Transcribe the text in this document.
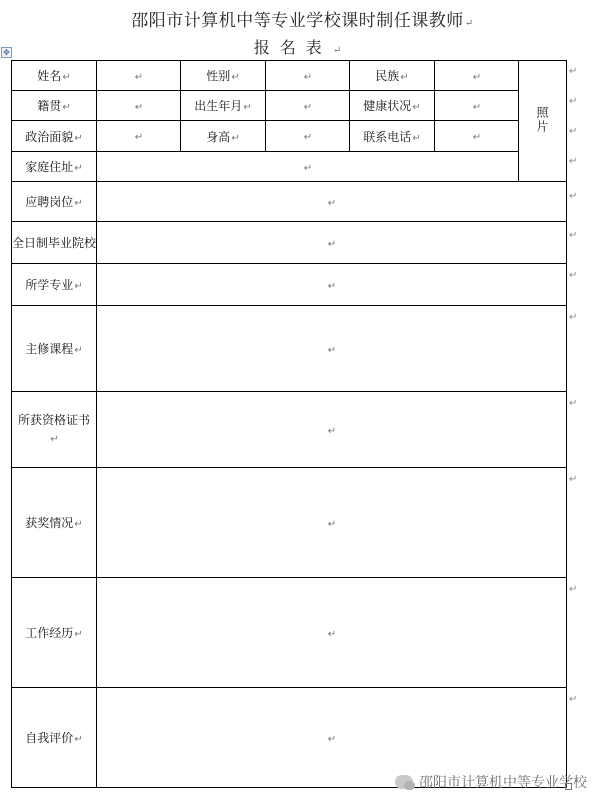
邵阳市计算机中等专业学校课时制任课教师↵
报名表↵
✥
姓名↵	↵	性别↵	↵	民族↵	↵	照片
籍贯↵	↵	出生年月↵	↵	健康状况↵	↵	
政治面貌↵	↵	身高↵	↵	联系电话↵	↵	
家庭住址↵	↵					
应聘岗位↵	↵					
全日制毕业院校	↵					
所学专业↵	↵					
主修课程↵	↵					
所获资格证书↵	↵					
获奖情况↵	↵					
工作经历↵	↵					
自我评价↵	↵					
↵
↵
↵
↵
↵
↵
↵
↵
↵
↵
↵
↵
邵阳市计算机中等专业学校
